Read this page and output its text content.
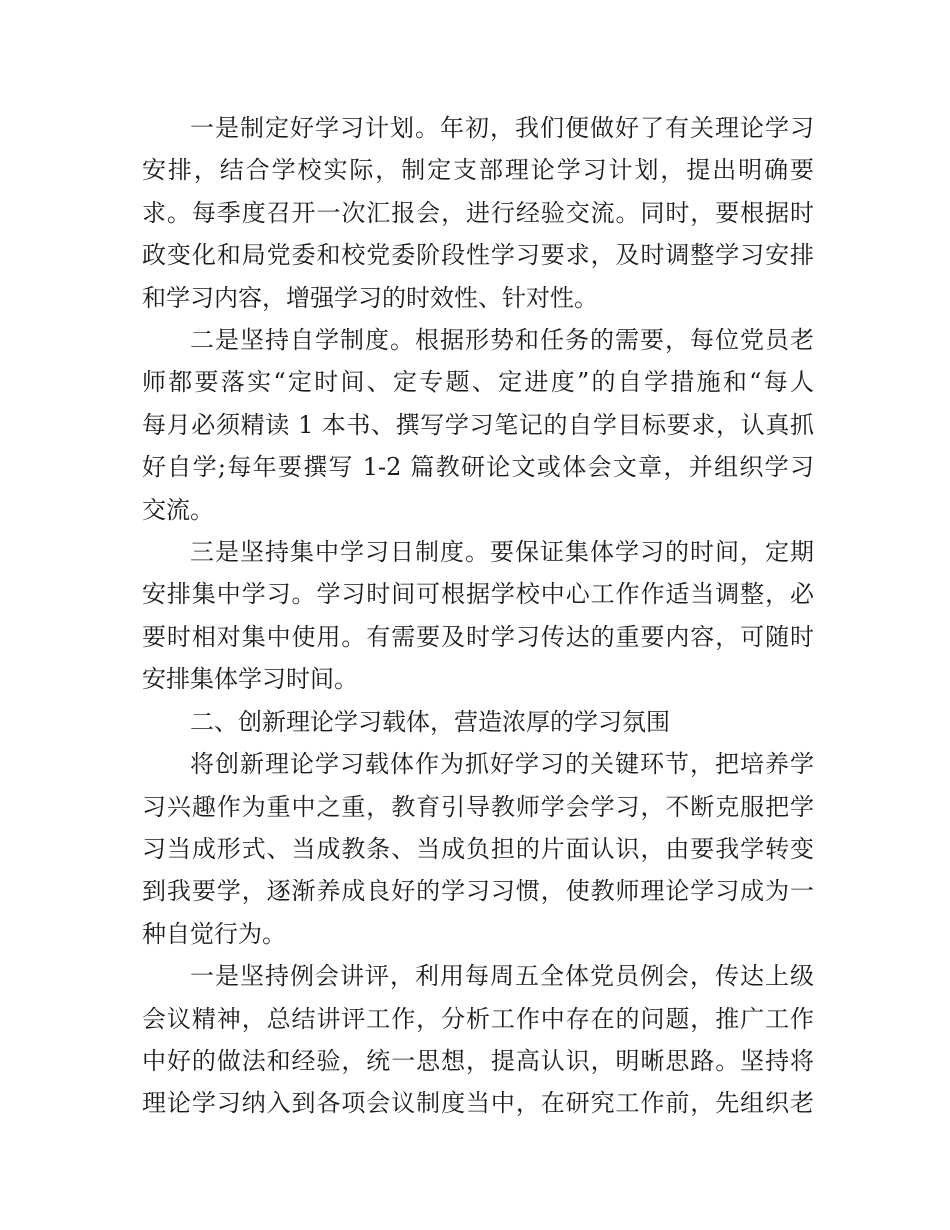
一是制定好学习计划。年初，我们便做好了有关理论学习
安排，结合学校实际，制定支部理论学习计划，提出明确要
求。每季度召开一次汇报会，进行经验交流。同时，要根据时
政变化和局党委和校党委阶段性学习要求，及时调整学习安排
和学习内容，增强学习的时效性、针对性。
二是坚持自学制度。根据形势和任务的需要，每位党员老
师都要落实“定时间、定专题、定进度”的自学措施和“每人
每月必须精读 1 本书、撰写学习笔记的自学目标要求，认真抓
好自学;每年要撰写 1-2 篇教研论文或体会文章，并组织学习
交流。
三是坚持集中学习日制度。要保证集体学习的时间，定期
安排集中学习。学习时间可根据学校中心工作作适当调整，必
要时相对集中使用。有需要及时学习传达的重要内容，可随时
安排集体学习时间。
二、创新理论学习载体，营造浓厚的学习氛围
将创新理论学习载体作为抓好学习的关键环节，把培养学
习兴趣作为重中之重，教育引导教师学会学习，不断克服把学
习当成形式、当成教条、当成负担的片面认识，由要我学转变
到我要学，逐渐养成良好的学习习惯，使教师理论学习成为一
种自觉行为。
一是坚持例会讲评，利用每周五全体党员例会，传达上级
会议精神，总结讲评工作，分析工作中存在的问题，推广工作
中好的做法和经验，统一思想，提高认识，明晰思路。坚持将
理论学习纳入到各项会议制度当中，在研究工作前，先组织老
